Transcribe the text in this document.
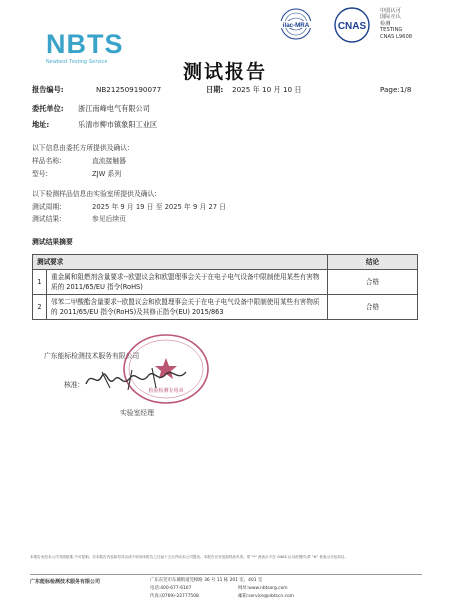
NBTS
Newbest Testing Service
ilac-MRA	CNAS
中国认可
国际互认
检测
TESTING
CNAS L9608
测试报告
报告编号:	NB212509190077	日期: 2025 年 10 月 10 日	Page:1/8
委托单位: 浙江南峰电气有限公司
地址:	乐清市柳市镇象阳工业区
以下信息由委托方所提供及确认:
样品名称:	直流接触器
型号:	ZJW 系列
以下检测样品信息由实验室所提供及确认:
测试周期:	2025 年 9 月 19 日 至 2025 年 9 月 27 日
测试结果:	参见后续页
测试结果摘要
测试要求		结论
1	重金属和阻燃剂含量要求--欧盟议会和欧盟理事会关于在电子电气设备中限制使用某些有害物质的 2011/65/EU 指令(RoHS)	合格
2	邻苯二甲酸酯含量要求--欧盟议会和欧盟理事会关于在电子电气设备中限制使用某些有害物质的 2011/65/EU 指令(RoHS)及其修正指令(EU) 2015/863	合格
广东能标检测技术服务有限公司
检验检测专用章
核准:
实验室经理
本报告未经本公司书面批准,不可复制。对本报告内容如有异议请于收到本报告之日起十五日内向本公司提出。本报告仅对送检样品负责。带 "*" 者表示不在 CNAS 认可范围内;带 "#" 者表示分包项目。
广东能标检测技术服务有限公司	广东东莞市东城街道莞樟路 36 号 11 栋 201 室、401 室
电话:400-677-6107
传真:(0769)-22777508
网址:www.nbtsorg.com
邮箱:service@nbtscn.com
